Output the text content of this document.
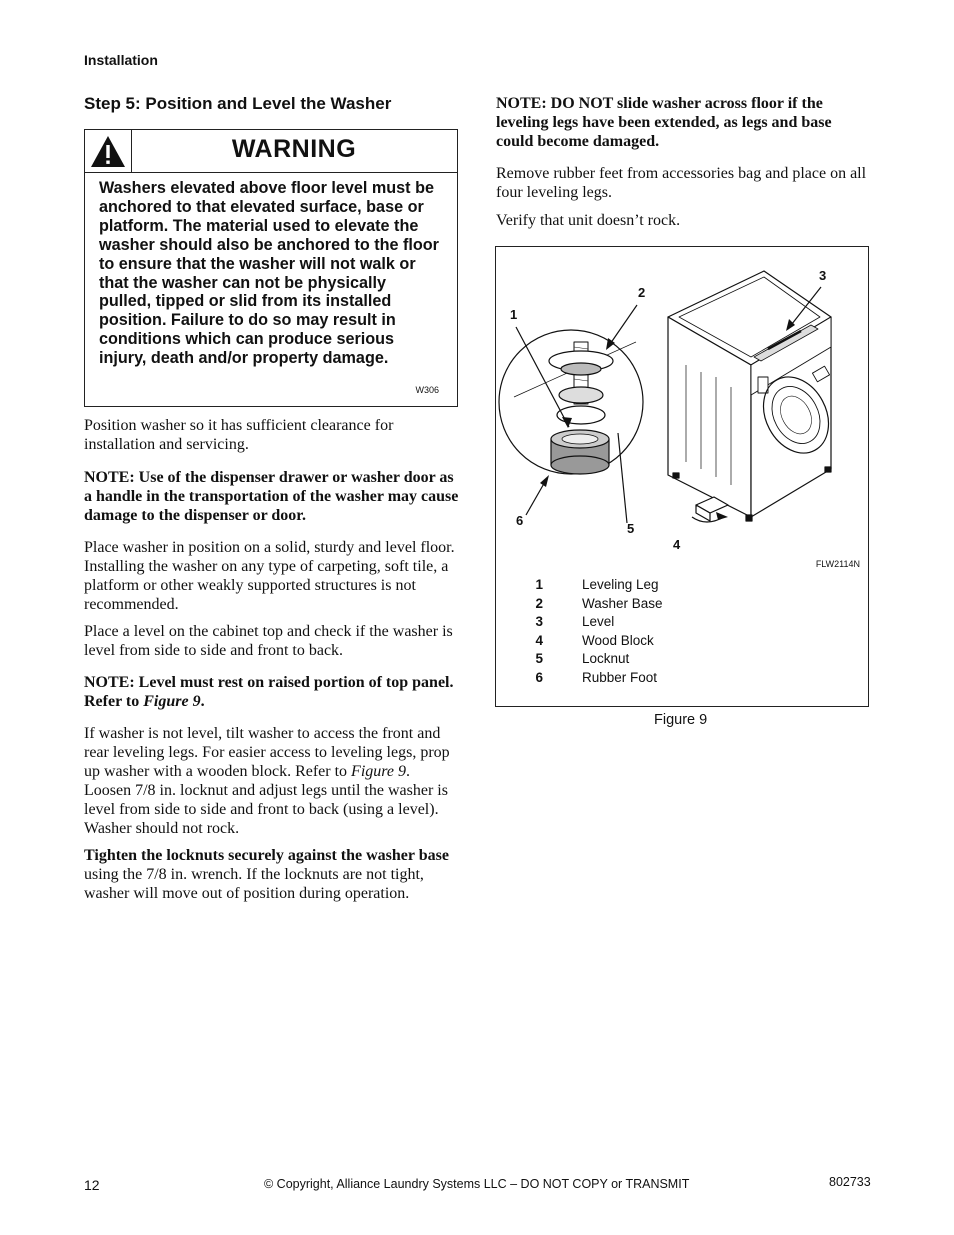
Installation
Step 5: Position and Level the Washer
WARNING
Washers elevated above floor level must be anchored to that elevated surface, base or platform. The material used to elevate the washer should also be anchored to the floor to ensure that the washer will not walk or that the washer can not be physically pulled, tipped or slid from its installed position. Failure to do so may result in conditions which can produce serious injury, death and/or property damage.
W306
Position washer so it has sufficient clearance for installation and servicing.
NOTE: Use of the dispenser drawer or washer door as a handle in the transportation of the washer may cause damage to the dispenser or door.
Place washer in position on a solid, sturdy and level floor. Installing the washer on any type of carpeting, soft tile, a platform or other weakly supported structures is not recommended.
Place a level on the cabinet top and check if the washer is level from side to side and front to back.
NOTE: Level must rest on raised portion of top panel. Refer to Figure 9.
If washer is not level, tilt washer to access the front and rear leveling legs. For easier access to leveling legs, prop up washer with a wooden block. Refer to Figure 9. Loosen 7/8 in. locknut and adjust legs until the washer is level from side to side and front to back (using a level). Washer should not rock.
Tighten the locknuts securely against the washer base using the 7/8 in. wrench. If the locknuts are not tight, washer will move out of position during operation.
NOTE: DO NOT slide washer across floor if the leveling legs have been extended, as legs and base could become damaged.
Remove rubber feet from accessories bag and place on all four leveling legs.
Verify that unit doesn’t rock.
1
2
3
4
5
6
FLW2114N
1	Leveling Leg
2	Washer Base
3	Level
4	Wood Block
5	Locknut
6	Rubber Foot
Figure 9
12	© Copyright, Alliance Laundry Systems LLC – DO NOT COPY or TRANSMIT	802733
